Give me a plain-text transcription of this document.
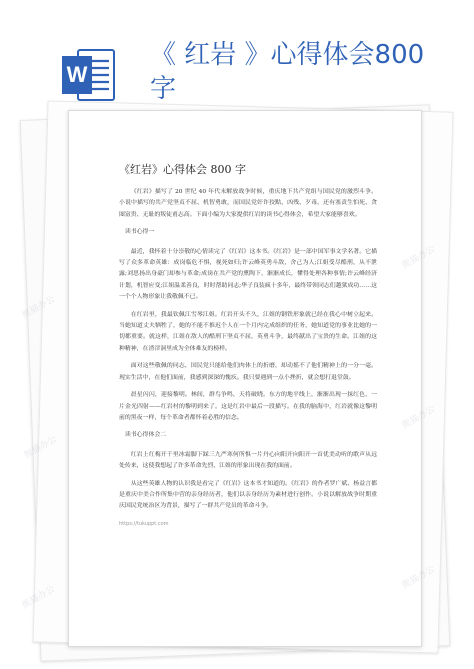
W
《 红岩 》心得体会800字
《红岩》心得体会 800 字

《红岩》描写了 20 世纪 40 年代末解放战争时候，重庆地下共产党组与国民党的激烈斗争。小说中描写的共产党坚贞不屈、机智勇敢，而国民党奸诈狡黠、凶残、歹毒，还有塞责生怕死、贪图富贵、无耻的叛徒甫志高。下面小编为大家提供红岩的读书心得体会，希望大家能够喜欢。

读书心得一

最近，我怀着十分崇敬的心情读完了《红岩》这本书。《红岩》是一部中国军事文学名著。它描写了众多革命英雄：成岗临危不惧，视死如归;许云峰英勇斗敌，舍己为人;江姐受尽酷刑，从不泄露;刘思扬出身豪门却参与革命;成岗在共产党的熏陶下，渐渐成长，懂得处理各种事情;许云峰经济计划，机智应变;江姐温柔善良，时时帮助同志;华子良装疯十多年，最终带领同志们越狱成功……这一个个人物形象让我敬佩不已。

在红岩里，我最钦佩江雪琴江姐。红岩开头不久，江姐的钢铁形象就已经在我心中树立起来。当她知道丈夫牺牲了，她的不能不推迟个人在一个月内完成组织的任务，她知道党的事业比她的一切都重要。就这样，江姐在敌人的酷刑下坚贞不屈，英勇斗争，最终献出了宝贵的生命。江姐的这种精神，在渣滓洞里成为全体难友的榜样。

面对这些敬佩的同志，国民党只能给他们肉体上的折磨，却动摇不了他们精神上的一分一毫。现实生活中，在他们面前，我感到深深的愧疚。我只要遇到一点小挫折，就会想打退堂鼓。

晨星闪闪，迎接黎明。林间，群鸟争鸣，天将破晓。东方的地平线上，渐渐出现一抹红色，一片金光四射——红岩村的黎明到来了。这是红岩中最后一段描写。在我的脑海中，红岩就像这黎明前的黑夜一样，每个革命者都怀着必胜的信念。

读书心得体会二

红岩上红梅开千里冰霜脚下踩三九严寒何所惧一片丹心向阳开向阳开一首优美动听的歌声从远处传来，这使我想起了许多革命先烈，江姐的形象出现在我的面前。

从这些英雄人物的认识我是看完了《红岩》这本书才知道的。《红岩》的作者罗广斌、杨益言都是重庆中美合作所集中营的亲身经历者，他们以亲身经历为素材进行创作。小说以解放战争时期重庆国民党统治区为背景，描写了一群共产党员的革命斗争。

https://tukuppt.com

熊猫办公
熊猫办公
熊猫办公
熊猫办公
熊猫办公
熊猫办公
